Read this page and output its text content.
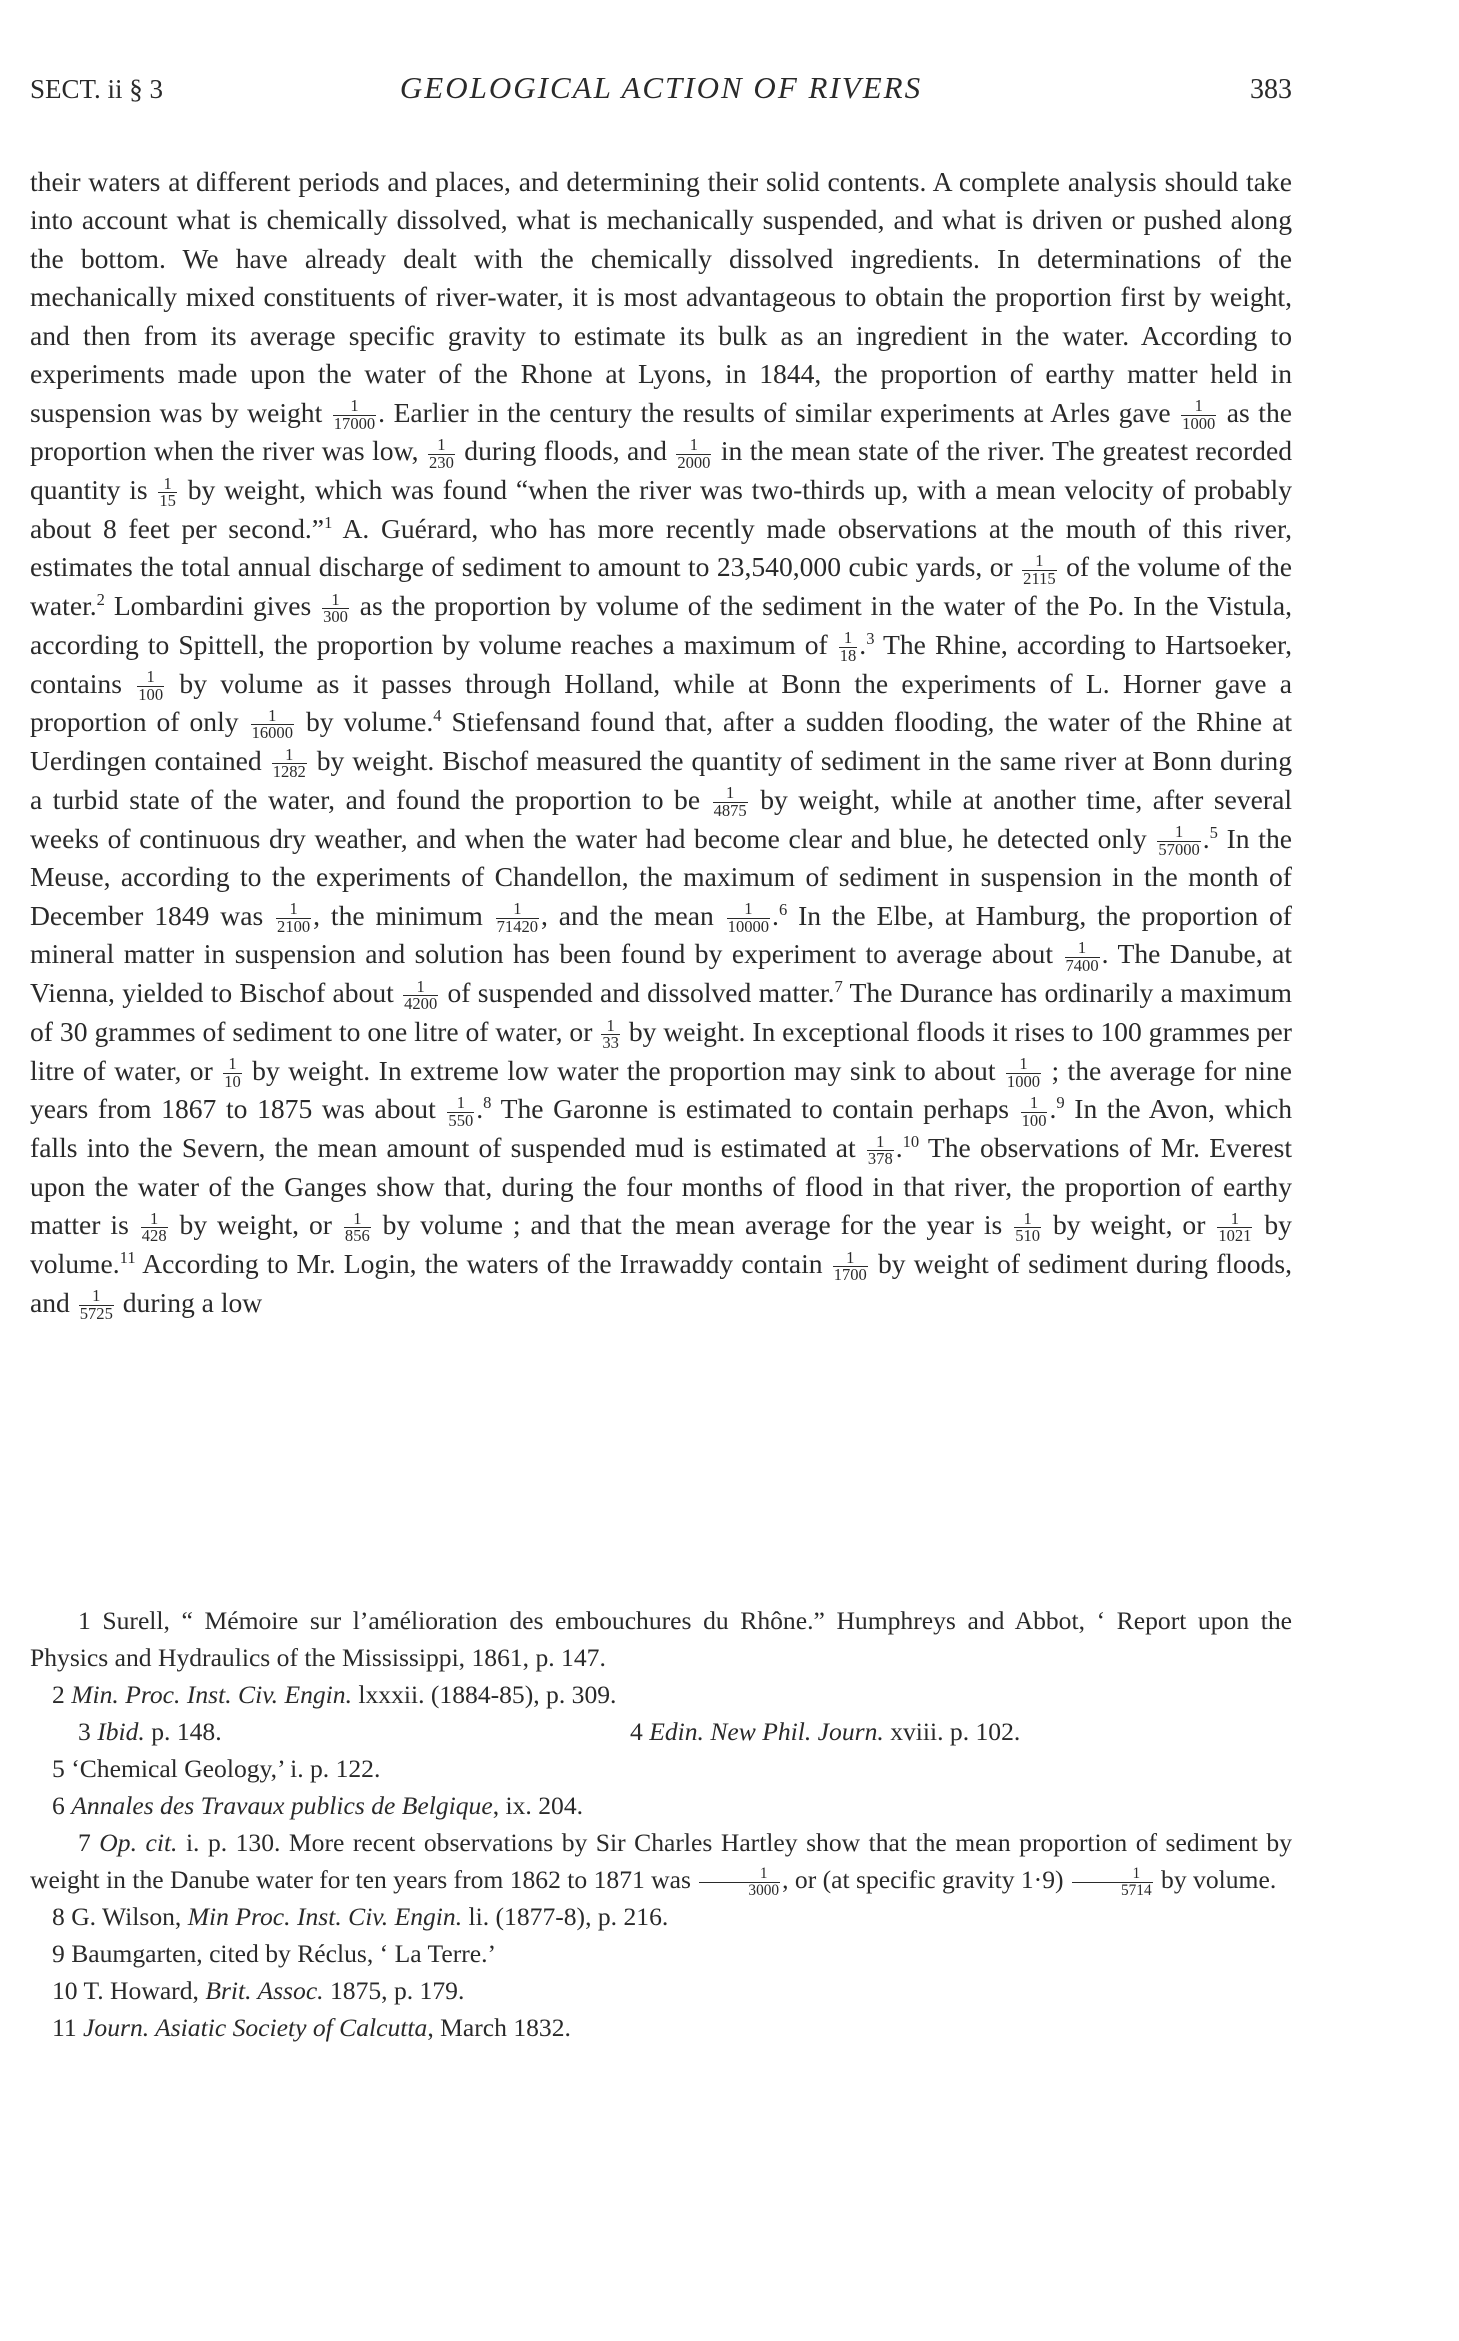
SECT. ii § 3	GEOLOGICAL ACTION OF RIVERS	383
their waters at different periods and places, and determining their solid contents. A complete analysis should take into account what is chemically dissolved, what is mechanically suspended, and what is driven or pushed along the bottom. We have already dealt with the chemically dissolved ingredients. In determinations of the mechanically mixed constituents of river-water, it is most advantageous to obtain the proportion first by weight, and then from its average specific gravity to estimate its bulk as an ingredient in the water. According to experiments made upon the water of the Rhone at Lyons, in 1844, the proportion of earthy matter held in suspension was by weight $\frac{1}{17000}$ . Earlier in the century the results of similar experiments at Arles gave $\frac{1}{1000}$ as the proportion when the river was low, $\frac{1}{230}$ during floods, and $\frac{1}{2000}$ in the mean state of the river. The greatest recorded quantity is $\frac{1}{15}$ by weight, which was found “when the river was two-thirds up, with a mean velocity of probably about 8 feet per second.”$^1$ A. Guérard, who has more recently made observations at the mouth of this river, estimates the total annual discharge of sediment to amount to 23,540,000 cubic yards, or $\frac{1}{2115}$ of the volume of the water.$^2$ Lombardini gives $\frac{1}{300}$ as the proportion by volume of the sediment in the water of the Po. In the Vistula, according to Spittell, the proportion by volume reaches a maximum of $\frac{1}{18} .^3$ The Rhine, according to Hartsoeker, contains $\frac{1}{100}$ by volume as it passes through Holland, while at Bonn the experiments of L. Horner gave a proportion of only $\frac{1}{16000}$ by volume.$^4$ Stiefensand found that, after a sudden flooding, the water of the Rhine at Uerdingen contained $\frac{1}{1282}$ by weight. Bischof measured the quantity of sediment in the same river at Bonn during a turbid state of the water, and found the proportion to be $\frac{1}{4875}$ by weight, while at another time, after several weeks of continuous dry weather, and when the water had become clear and blue, he detected only $\frac{1}{57000} .^5$ In the Meuse, according to the experiments of Chandellon, the maximum of sediment in suspension in the month of December 1849 was $\frac{1}{2100}$ , the minimum $\frac{1}{71420}$ , and the mean $\frac{1}{10000} .^6$ In the Elbe, at Hamburg, the proportion of mineral matter in suspension and solution has been found by experiment to average about $\frac{1}{7400}$ . The Danube, at Vienna, yielded to Bischof about $\frac{1}{4200}$ of suspended and dissolved matter.$^7$ The Durance has ordinarily a maximum of 30 grammes of sediment to one litre of water, or $\frac{1}{33}$ by weight. In exceptional floods it rises to 100 grammes per litre of water, or $\frac{1}{10}$ by weight. In extreme low water the proportion may sink to about $\frac{1}{1000}$ ; the average for nine years from 1867 to 1875 was about $\frac{1}{550} .^8$ The Garonne is estimated to contain perhaps $\frac{1}{100} .^9$ In the Avon, which falls into the Severn, the mean amount of suspended mud is estimated at $\frac{1}{378} .^{10}$ The observations of Mr. Everest upon the water of the Ganges show that, during the four months of flood in that river, the proportion of earthy matter is $\frac{1}{428}$ by weight, or $\frac{1}{856}$ by volume ; and that the mean average for the year is $\frac{1}{510}$ by weight, or $\frac{1}{1021}$ by volume.$^{11}$ According to Mr. Login, the waters of the Irrawaddy contain $\frac{1}{1700}$ by weight of sediment during floods, and $\frac{1}{5725}$ during a low

1 Surell, “ Mémoire sur l’amélioration des embouchures du Rhône.” Humphreys and Abbot, ‘ Report upon the Physics and Hydraulics of the Mississippi, 1861, p. 147.

2 Min. Proc. Inst. Civ. Engin. lxxxii. (1884-85), p. 309.

3 Ibid. p. 148.	4 Edin. New Phil. Journ. xviii. p. 102.

5 ‘Chemical Geology,’ i. p. 122.

6 Annales des Travaux publics de Belgique, ix. 204.

7 Op. cit. i. p. 130. More recent observations by Sir Charles Hartley show that the mean proportion of sediment by weight in the Danube water for ten years from 1862 to 1871 was $\frac{1}{3000}$ , or (at specific gravity $1\cdot 9) \frac{1}{5714}$ by volume.

8 G. Wilson, Min Proc. Inst. Civ. Engin. li. (1877-8), p. 216.

9 Baumgarten, cited by Réclus, ‘ La Terre.’

10 T. Howard, Brit. Assoc. 1875, p. 179.

11 Journ. Asiatic Society of Calcutta, March 1832.
